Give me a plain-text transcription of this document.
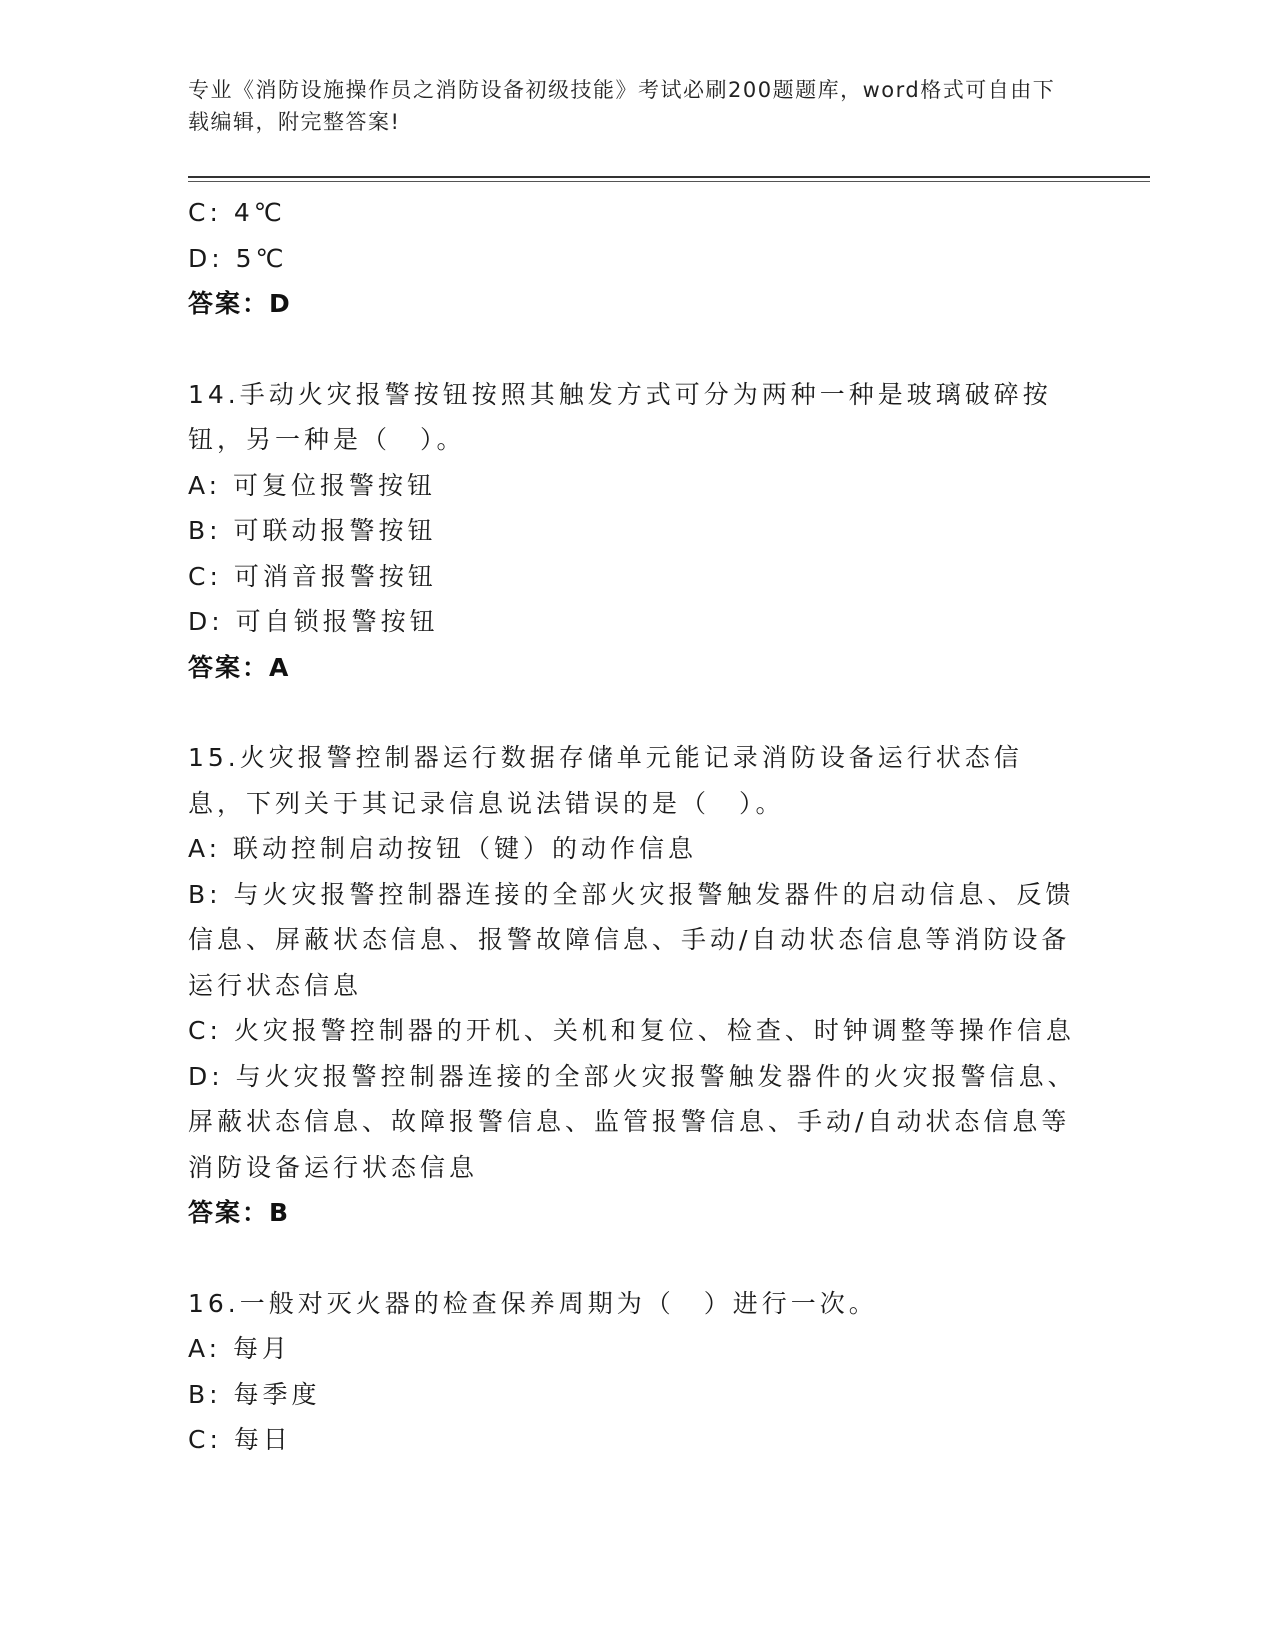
专业《消防设施操作员之消防设备初级技能》考试必刷200题题库，word格式可自由下载编辑，附完整答案!
C: 4℃
D: 5℃
答案：D
14.手动火灾报警按钮按照其触发方式可分为两种一种是玻璃破碎按钮，另一种是（　）。
A: 可复位报警按钮
B: 可联动报警按钮
C: 可消音报警按钮
D: 可自锁报警按钮
答案：A
15.火灾报警控制器运行数据存储单元能记录消防设备运行状态信息，下列关于其记录信息说法错误的是（　）。
A: 联动控制启动按钮（键）的动作信息
B: 与火灾报警控制器连接的全部火灾报警触发器件的启动信息、反馈信息、屏蔽状态信息、报警故障信息、手动/自动状态信息等消防设备运行状态信息
C: 火灾报警控制器的开机、关机和复位、检查、时钟调整等操作信息
D: 与火灾报警控制器连接的全部火灾报警触发器件的火灾报警信息、屏蔽状态信息、故障报警信息、监管报警信息、手动/自动状态信息等消防设备运行状态信息
答案：B
16.一般对灭火器的检查保养周期为（　）进行一次。
A: 每月
B: 每季度
C: 每日
